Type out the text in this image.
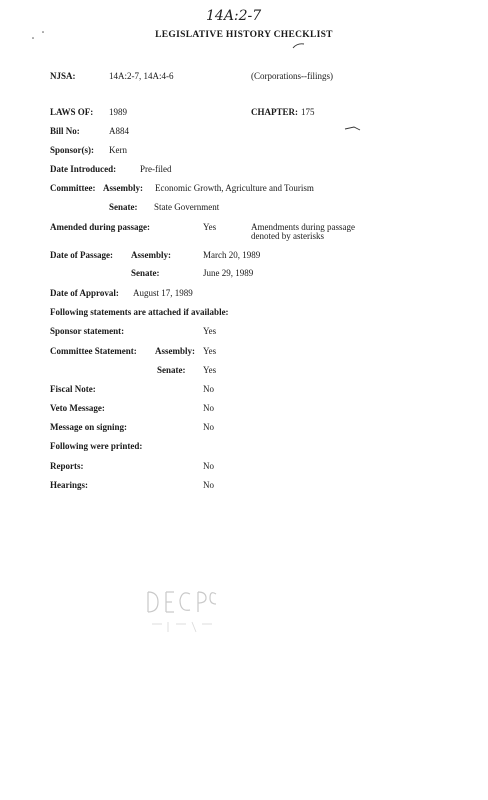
14A:2-7
LEGISLATIVE HISTORY CHECKLIST
NJSA:	14A:2-7, 14A:4-6	(Corporations--filings)
LAWS OF: 1989	CHAPTER: 175
Bill No:	A884
Sponsor(s): Kern
Date Introduced:	Pre-filed
Committee: Assembly: Economic Growth, Agriculture and Tourism
Senate: State Government
Amended during passage:	Yes	Amendments during passage
denoted by asterisks
Date of Passage: Assembly:	March 20, 1989
Senate:	June 29, 1989
Date of Approval: August 17, 1989
Following statements are attached if available:
Sponsor statement:	Yes
Committee Statement: Assembly: Yes
Senate: Yes
Fiscal Note:	No
Veto Message:	No
Message on signing:	No
Following were printed:
Reports:	No
Hearings:	No
